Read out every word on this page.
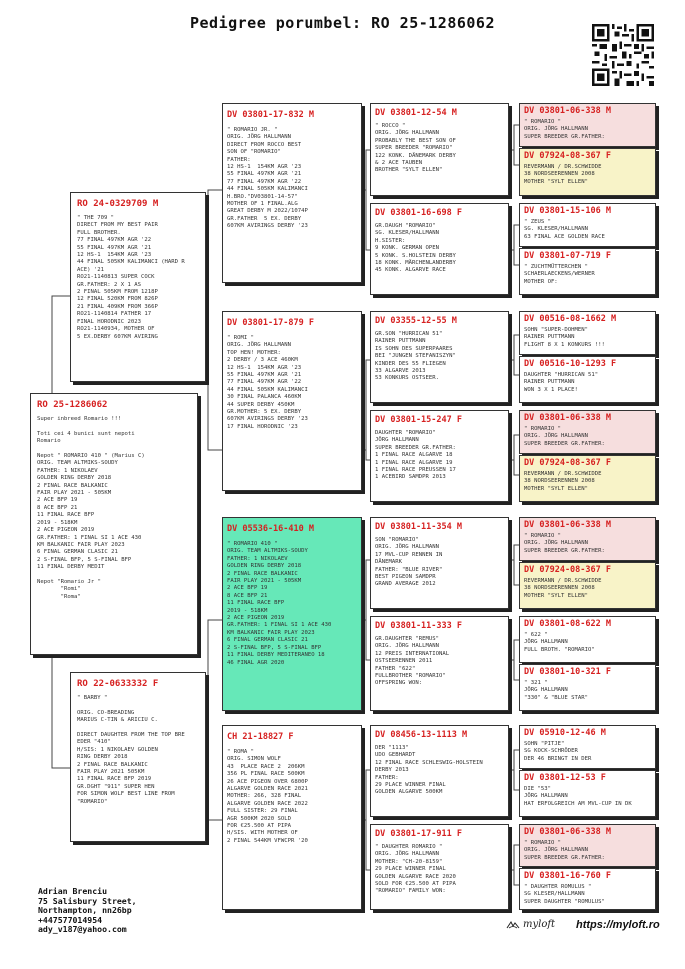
Pedigree porumbel: RO 25-1286062
RO 25-1286062
Super inbreed Romario !!!

Toti cei 4 bunici sunt nepoti
Romario

Nepot " ROMARIO 410 " (Marius C)
ORIG. TEAM ALTMIKS-SOUDY
FATHER: 1 NIKOLAEV
GOLDEN RING DERBY 2018
2 FINAL RACE BALKANIC
FAIR PLAY 2021 - 505KM
2 ACE BFP 19
8 ACE BFP 21
11 FINAL RACE BFP
2019 - 518KM
2 ACE PIGEON 2019
GR.FATHER: 1 FINAL SI 1 ACE 430
KM BALKANIC FAIR PLAY 2023
6 FINAL GERMAN CLASIC 21
2 S-FINAL BFP, 5 S-FINAL BFP
11 FINAL DERBY MEDIT

Nepot "Romario Jr "
"Romi"
"Roma"
RO 24-0329709 M
" THE 709 "
DIRECT FROM MY BEST PAIR
FULL BROTHER.
77 FINAL 497KM AGR '22
55 FINAL 497KM AGR '21
12 HS-1  154KM AGR '23
44 FINAL 505KM KALIMANCI (HARD R
ACE) '21
RO21-1140813 SUPER COCK
GR.FATHER: 2 X 1 AS
2 FINAL 505KM FROM 1218P
12 FINAL 520KM FROM 826P
21 FINAL 409KM FROM 366P
RO21-1140814 FATHER 17
FINAL HORODNIC 2023
RO21-1140934, MOTHER OF
5 EX.DERBY 607KM AVIRING
RO 22-0633332 F
" BARBY "

ORIG. CO-BREADING
MARIUS C-TIN & ARICIU C.

DIRECT DAUGHTER FROM THE TOP BRE
EDER "410"
H/SIS: 1 NIKOLAEV GOLDEN
RING DERBY 2018
2 FINAL RACE BALKANIC
FAIR PLAY 2021 505KM
11 FINAL RACE BFP 2019
GR.DGHT "911" SUPER HEN
FOR SIMON WOLF BEST LINE FROM
"ROMARIO"
DV 03801-17-832 M
" ROMARIO JR. "
ORIG. JÖRG HALLMANN
DIRECT FROM ROCCO BEST
SON OF "ROMARIO"
FATHER:
12 HS-1  154KM AGR '23
55 FINAL 497KM AGR '21
77 FINAL 497KM AGR '22
44 FINAL 505KM KALIMANCI
H.BRO."DV03801-14-57"
MOTHER OF 1 FINAL.ALG
GREAT DERBY M 2022/1074P
GR.FATHER  5 EX. DERBY
607KM AVIRINGS DERBY '23
DV 03801-17-879 F
" ROMI "
ORIG. JÖRG HALLMANN
TOP HEN! MOTHER:
2 DERBY / 3 ACE 460KM
12 HS-1  154KM AGR '23
55 FINAL 497KM AGR '21
77 FINAL 497KM AGR '22
44 FINAL 505KM KALIMANCI
30 FINAL PALANCA 460KM
44 SUPER DERBY 450KM
GR.MOTHER: 5 EX. DERBY
607KM AVIRINGS DERBY '23
17 FINAL HORODNIC '23
DV 05536-16-410 M
" ROMARIO 410 "
ORIG. TEAM ALTMIKS-SOUDY
FATHER: 1 NIKOLAEV
GOLDEN RING DERBY 2018
2 FINAL RACE BALKANIC
FAIR PLAY 2021 - 505KM
2 ACE BFP 19
8 ACE BFP 21
11 FINAL RACE BFP
2019 - 518KM
2 ACE PIGEON 2019
GR.FATHER: 1 FINAL SI 1 ACE 430
KM BALKANIC FAIR PLAY 2023
6 FINAL GERMAN CLASIC 21
2 S-FINAL BFP, 5 S-FINAL BFP
11 FINAL DERBY MEDITERANEO 18
46 FINAL AGR 2020
CH 21-18827 F
" ROMA "
ORIG. SIMON WOLF
43  PLACE RACE 2  206KM
356 PL FINAL RACE 500KM
26 ACE PIGEON OVER 6800P
ALGARVE GOLDEN RACE 2021
MOTHER: 266, 328 FINAL
ALGARVE GOLDEN RACE 2022
FULL SISTER: 29 FINAL
AGR 500KM 2020 SOLD
FOR €25.500 AT PIPA
H/SIS. WITH MOTHER OF
2 FINAL 544KM VFWCPR '20
DV 03801-12-54 M
" ROCCO "
ORIG. JÖRG HALLMANN
PROBABLY THE BEST SON OF
SUPER BREEDER "ROMARIO"
122 KONK. DÄNEMARK DERBY
& 2 ACE TAUBEN
BROTHER "SYLT ELLEN"
DV 03801-16-698 F
GR.DAUGH "ROMARIO"
SG. KLESER/HALLMANN
H.SISTER:
9 KONK. GERMAN OPEN
5 KONK. S.HOLSTEIN DERBY
18 KONK. MÄRCHENLANDERBY
45 KONK. ALGARVE RACE
DV 03355-12-55 M
GR.SON "HURRICAN 51"
RAINER PUTTMANN
IS SOHN DES SUPERPAARES
BEI "JUNGEN STEFANISZYN"
KINDER DES 55 FLIEGEN
33 ALGARVE 2013
53 KONKURS OSTSEER.
DV 03801-15-247 F
DAUGHTER "ROMARIO"
JÖRG HALLMANN
SUPER BREEDER GR.FATHER:
1 FINAL RACE ALGARVE 18
1 FINAL RACE ALGARVE 19
1 FINAL RACE PREUSSEN 17
1 ACEBIRD SAMDPR 2013
DV 03801-11-354 M
SON "ROMARIO"
ORIG. JÖRG HALLMANN
17 MVL-CUP RENNEN IN
DÄNEMARK
FATHER: "BLUE RIVER"
BEST PIGEON SAMDPR
GRAND AVERAGE 2012
DV 03801-11-333 F
GR.DAUGHTER "REMUS"
ORIG. JÖRG HALLMANN
12 PREIS INTERNATIONAL
OSTSEERENNEN 2011
FATHER "622"
FULLBROTHER "ROMARIO"
OFFSPRING WON:
DV 08456-13-1113 M
DER "1113"
UDO GEBHARDT
12 FINAL RACE SCHLESWIG-HOLSTEIN
DERBY 2013
FATHER:
29 PLACE WINNER FINAL
GOLDEN ALGARVE 500KM
DV 03801-17-911 F
" DAUGHTER ROMARIO "
ORIG. JÖRG HALLMANN
MOTHER: "CH-20-8159"
29 PLACE WINNER FINAL
GOLDEN ALGARVE RACE 2020
SOLD FOR €25.500 AT PIPA
"ROMARIO" FAMILY WON:
DV 03801-06-338 M
" ROMARIO "
ORIG. JÖRG HALLMANN
SUPER BREEDER GR.FATHER:
DV 07924-08-367 F
REVERMANN / DR.SCHWIDDE
38 NORDSEERENNEN 2008
MOTHER "SYLT ELLEN"
DV 03801-15-106 M
" ZEUS "
SG. KLESER/HALLMANN
63 FINAL ACE GOLDEN RACE
DV 03801-07-719 F
" ZUCHTMÜTTERCHEN "
SCHAERLAECKENS/WERNER
MOTHER OF:
DV 00516-08-1662 M
SOHN "SUPER-DOHMEN"
RAINER PUTTMANN
FLIGHT 8 X 1 KONKURS !!!
DV 00516-10-1293 F
DAUGHTER "HURRICAN 51"
RAINER PUTTMANN
WON 3 X 1 PLACE!
DV 03801-06-338 M
" ROMARIO "
ORIG. JÖRG HALLMANN
SUPER BREEDER GR.FATHER:
DV 07924-08-367 F
REVERMANN / DR.SCHWIDDE
38 NORDSEERENNEN 2008
MOTHER "SYLT ELLEN"
DV 03801-06-338 M
" ROMARIO "
ORIG. JÖRG HALLMANN
SUPER BREEDER GR.FATHER:
DV 07924-08-367 F
REVERMANN / DR.SCHWIDDE
38 NORDSEERENNEN 2008
MOTHER "SYLT ELLEN"
DV 03801-08-622 M
" 622 "
JÖRG HALLMANN
FULL BROTH. "ROMARIO"
DV 03801-10-321 F
" 321 "
JÖRG HALLMANN
"330" & "BLUE STAR"
DV 05910-12-46 M
SOHN "PITJE"
SG KOCK-SCHRÖDER
DER 46 BRINGT IN DER
DV 03801-12-53 F
DIE "53"
JÖRG HALLMANN
HAT ERFOLGREICH AM MVL-CUP IN DK
DV 03801-06-338 M
" ROMARIO "
ORIG. JÖRG HALLMANN
SUPER BREEDER GR.FATHER:
DV 03801-16-760 F
" DAUGHTER ROMULUS "
SG KLESER/HALLMANN
SUPER DAUGHTER "ROMULUS"
Adrian Brenciu
75 Salisbury Street,
Northampton, nn26bp
+447577014954
ady_v187@yahoo.com	myloft https://myloft.ro
